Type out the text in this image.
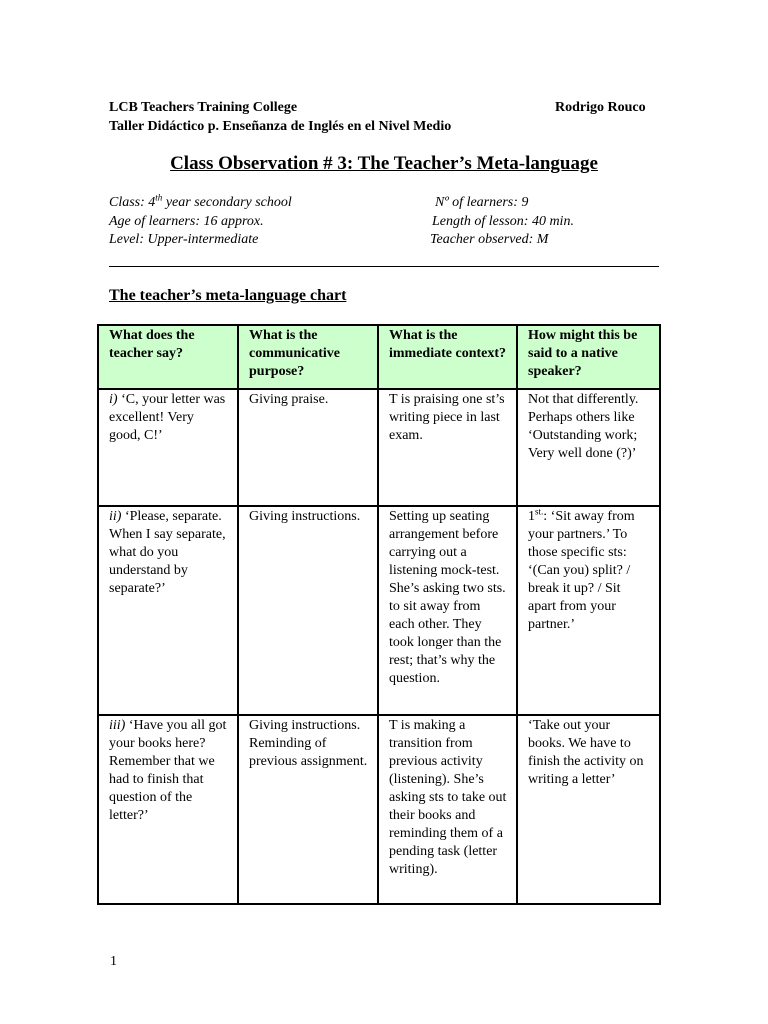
LCB Teachers Training College	Rodrigo Rouco
Taller Didáctico p. Enseñanza de Inglés en el Nivel Medio
Class Observation # 3: The Teacher’s Meta-language
Class: 4th year secondary school	Nº of learners: 9
Age of learners: 16 approx.	Length of lesson: 40 min.
Level: Upper-intermediate	Teacher observed: M
The teacher’s meta-language chart
What does the teacher say?	What is the communicative purpose?	What is the immediate context?	How might this be said to a native speaker?
i) ‘C, your letter was excellent! Very good, C!’	Giving praise.	T is praising one st’s writing piece in last exam.	Not that differently. Perhaps others like ‘Outstanding work; Very well done (?)’
ii) ‘Please, separate. When I say separate, what do you understand by separate?’	Giving instructions.	Setting up seating arrangement before carrying out a listening mock-test. She’s asking two sts. to sit away from each other. They took longer than the rest; that’s why the question.	$1^{st.}$: ‘Sit away from your partners.’ To those specific sts: ‘(Can you) split? / break it up? / Sit apart from your partner.’
iii) ‘Have you all got your books here? Remember that we had to finish that question of the letter?’	Giving instructions. Reminding of previous assignment.	T is making a transition from previous activity (listening). She’s asking sts to take out their books and reminding them of a pending task (letter writing).	‘Take out your books. We have to finish the activity on writing a letter’
1
